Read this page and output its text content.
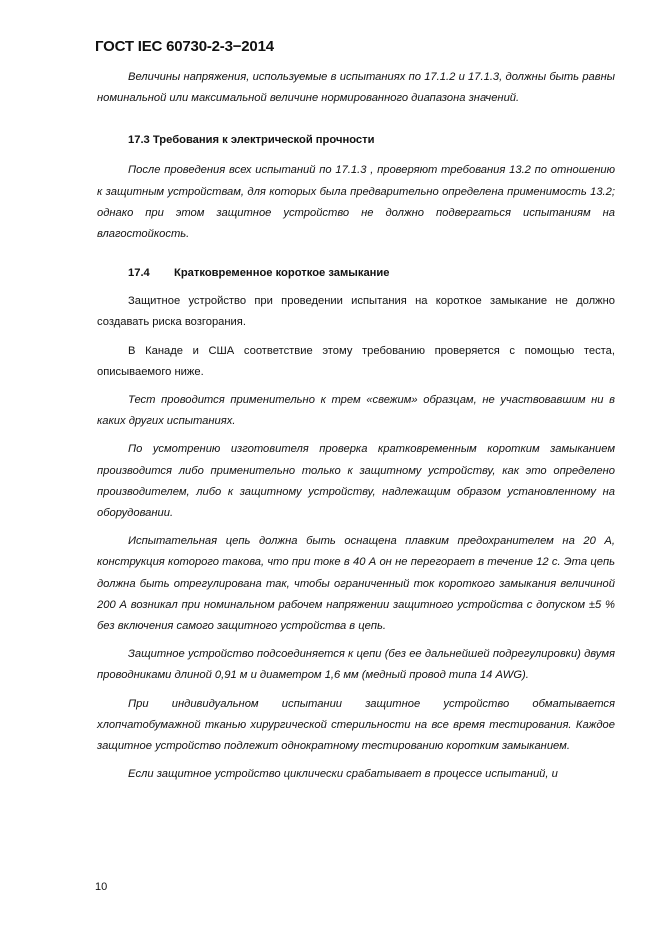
ГОСТ IEC 60730-2-3−2014

Величины напряжения, используемые в испытаниях по 17.1.2 и 17.1.3, должны быть равны номинальной или максимальной величине нормированного диапазона значений.

17.3 Требования к электрической прочности

После проведения всех испытаний по 17.1.3 , проверяют требования 13.2 по отношению к защитным устройствам, для которых была предварительно определена применимость 13.2; однако при этом защитное устройство не должно подвергаться испытаниям на влагостойкость.

17.4 Кратковременное короткое замыкание

Защитное устройство при проведении испытания на короткое замыкание не должно создавать риска возгорания.

В Канаде и США соответствие этому требованию проверяется с помощью теста, описываемого ниже.

Тест проводится применительно к трем «свежим» образцам, не участвовавшим ни в каких других испытаниях.

По усмотрению изготовителя проверка кратковременным коротким замыканием производится либо применительно только к защитному устройству, как это определено производителем, либо к защитному устройству, надлежащим образом установленному на оборудовании.

Испытательная цепь должна быть оснащена плавким предохранителем на 20 А, конструкция которого такова, что при токе в 40 А он не перегорает в течение 12 с. Эта цепь должна быть отрегулирована так, чтобы ограниченный ток короткого замыкания величиной 200 А возникал при номинальном рабочем напряжении защитного устройства с допуском ±5 % без включения самого защитного устройства в цепь.

Защитное устройство подсоединяется к цепи (без ее дальнейшей подрегулировки) двумя проводниками длиной 0,91 м и диаметром 1,6 мм (медный провод типа 14 AWG).

При индивидуальном испытании защитное устройство обматывается хлопчатобумажной тканью хирургической стерильности на все время тестирования. Каждое защитное устройство подлежит однократному тестированию коротким замыканием.

Если защитное устройство циклически срабатывает в процессе испытаний, и

10
